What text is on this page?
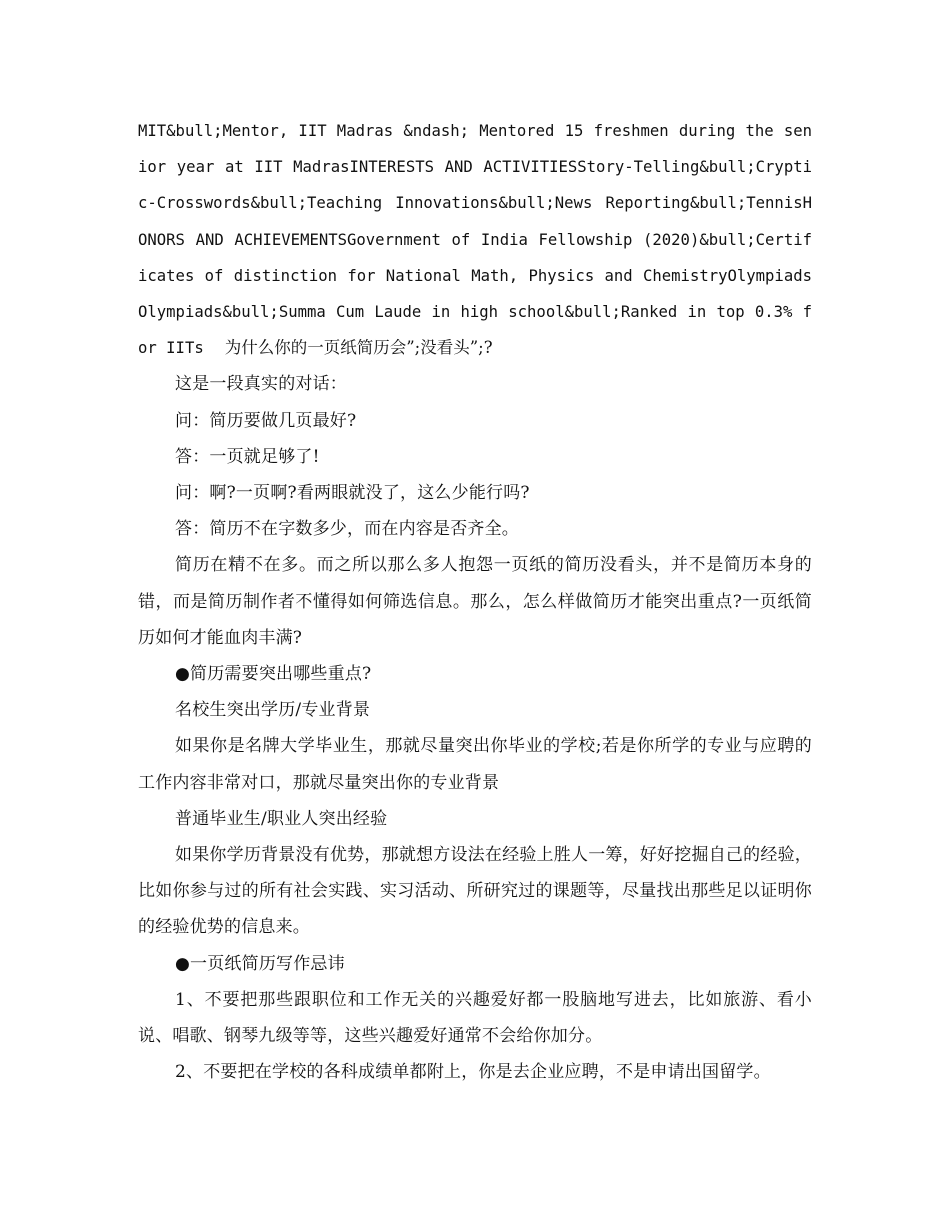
MIT&bull;Mentor, IIT Madras &ndash; Mentored 15 freshmen during the senior year at IIT MadrasINTERESTS AND ACTIVITIESStory-Telling&bull;Cryptic-Crosswords&bull;Teaching Innovations&bull;News Reporting&bull;TennisHONORS AND ACHIEVEMENTSGovernment of India Fellowship (2020)&bull;Certificates of distinction for National Math, Physics and ChemistryOlympiadsOlympiads&bull;Summa Cum Laude in high school&bull;Ranked in top 0.3% for IITs 为什么你的一页纸简历会”;没看头”;?

这是一段真实的对话：

问：简历要做几页最好?

答：一页就足够了!

问：啊?一页啊?看两眼就没了，这么少能行吗?

答：简历不在字数多少，而在内容是否齐全。

简历在精不在多。而之所以那么多人抱怨一页纸的简历没看头，并不是简历本身的错，而是简历制作者不懂得如何筛选信息。那么，怎么样做简历才能突出重点?一页纸简历如何才能血肉丰满?

●简历需要突出哪些重点?

名校生突出学历/专业背景

如果你是名牌大学毕业生，那就尽量突出你毕业的学校;若是你所学的专业与应聘的工作内容非常对口，那就尽量突出你的专业背景

普通毕业生/职业人突出经验

如果你学历背景没有优势，那就想方设法在经验上胜人一筹，好好挖掘自己的经验，比如你参与过的所有社会实践、实习活动、所研究过的课题等，尽量找出那些足以证明你的经验优势的信息来。

●一页纸简历写作忌讳

1、不要把那些跟职位和工作无关的兴趣爱好都一股脑地写进去，比如旅游、看小说、唱歌、钢琴九级等等，这些兴趣爱好通常不会给你加分。

2、不要把在学校的各科成绩单都附上，你是去企业应聘，不是申请出国留学。
